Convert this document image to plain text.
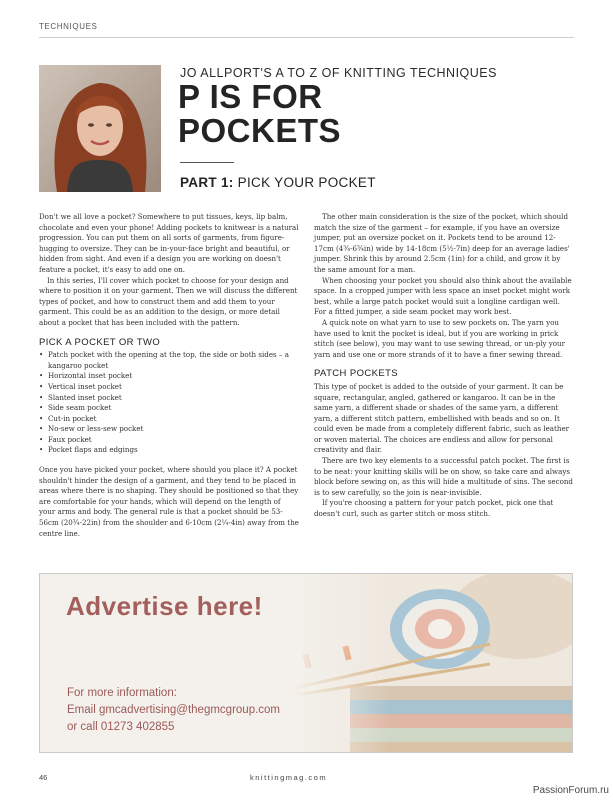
TECHNIQUES
JO ALLPORT'S A TO Z OF KNITTING TECHNIQUES
P IS FOR
POCKETS
PART 1: PICK YOUR POCKET

Don't we all love a pocket? Somewhere to put tissues, keys, lip balm, chocolate and even your phone! Adding pockets to knitwear is a natural progression. You can put them on all sorts of garments, from figure-hugging to oversize. They can be in-your-face bright and beautiful, or hidden from sight. And even if a design you are working on doesn't feature a pocket, it's easy to add one on.

In this series, I'll cover which pocket to choose for your design and where to position it on your garment. Then we will discuss the different types of pocket, and how to construct them and add them to your garment. This could be as an addition to the design, or more detail about a pocket that has been included with the pattern.

PICK A POCKET OR TWO
• Patch pocket with the opening at the top, the side or both sides – a kangaroo pocket
• Horizontal inset pocket
• Vertical inset pocket
• Slanted inset pocket
• Side seam pocket
• Cut-in pocket
• No-sew or less-sew pocket
• Faux pocket
• Pocket flaps and edgings

Once you have picked your pocket, where should you place it? A pocket shouldn't hinder the design of a garment, and they tend to be placed in areas where there is no shaping. They should be positioned so that they are comfortable for your hands, which will depend on the length of your arms and body. The general rule is that a pocket should be 53-56cm (20¾-22in) from the shoulder and 6-10cm (2¼-4in) away from the centre line.

The other main consideration is the size of the pocket, which should match the size of the garment – for example, if you have an oversize jumper, put an oversize pocket on it. Pockets tend to be around 12-17cm (4¾-6¾in) wide by 14-18cm (5½-7in) deep for an average ladies' jumper. Shrink this by around 2.5cm (1in) for a child, and grow it by the same amount for a man.

When choosing your pocket you should also think about the available space. In a cropped jumper with less space an inset pocket might work best, while a large patch pocket would suit a longline cardigan well. For a fitted jumper, a side seam pocket may work best.

A quick note on what yarn to use to sew pockets on. The yarn you have used to knit the pocket is ideal, but if you are working in prick stitch (see below), you may want to use sewing thread, or un-ply your yarn and use one or more strands of it to have a finer sewing thread.

PATCH POCKETS

This type of pocket is added to the outside of your garment. It can be square, rectangular, angled, gathered or kangaroo. It can be in the same yarn, a different shade or shades of the same yarn, a different yarn, a different stitch pattern, embellished with beads and so on. It could even be made from a completely different fabric, such as leather or woven material. The choices are endless and allow for personal creativity and flair.

There are two key elements to a successful patch pocket. The first is to be neat: your knitting skills will be on show, so take care and always block before sewing on, as this will hide a multitude of sins. The second is to sew carefully, so the join is near-invisible.

If you're choosing a pattern for your patch pocket, pick one that doesn't curl, such as garter stitch or moss stitch.

Advertise here!
For more information:
Email gmcadvertising@thegmcgroup.com
or call 01273 402855
46	knittingmag.com
PassionForum.ru
